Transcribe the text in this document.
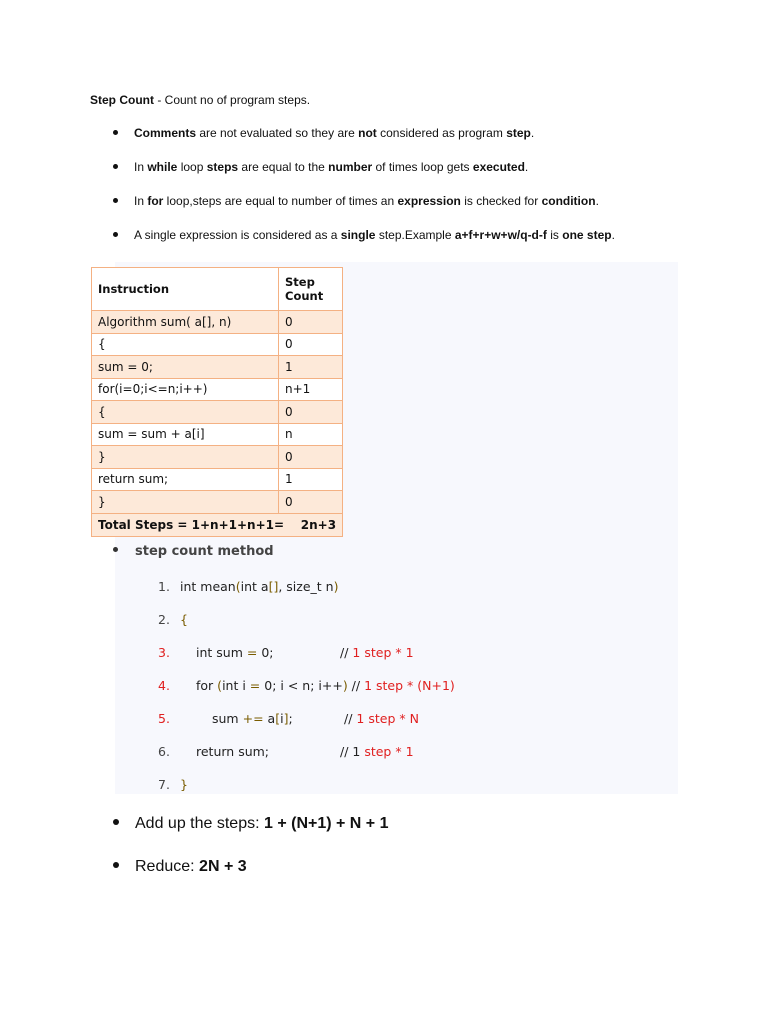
Step Count - Count no of program steps.
Comments are not evaluated so they are not considered as program step.
In while loop steps are equal to the number of times loop gets executed.
In for loop,steps are equal to number of times an expression is checked for condition.
A single expression is considered as a single step.Example a+f+r+w+w/q-d-f is one step.
Instruction	Step Count
Algorithm sum( a[], n)	0
{	0
sum = 0;	1
for(i=0;i<=n;i++)	n+1
{	0
sum = sum + a[i]	n
}	0
return sum;	1
}	0
Total Steps = 1+n+1+n+1=    2n+3	
step count method
1. int mean(int a[], size_t n)
2. {
3. int sum = 0;	// 1 step * 1
4. for (int i = 0; i < n; i++) // 1 step * (N+1)
5.	sum += a[i];	// 1 step * N
6. return sum;	// 1 step * 1
7. }
Add up the steps: 1 + (N+1) + N + 1
Reduce: 2N + 3
